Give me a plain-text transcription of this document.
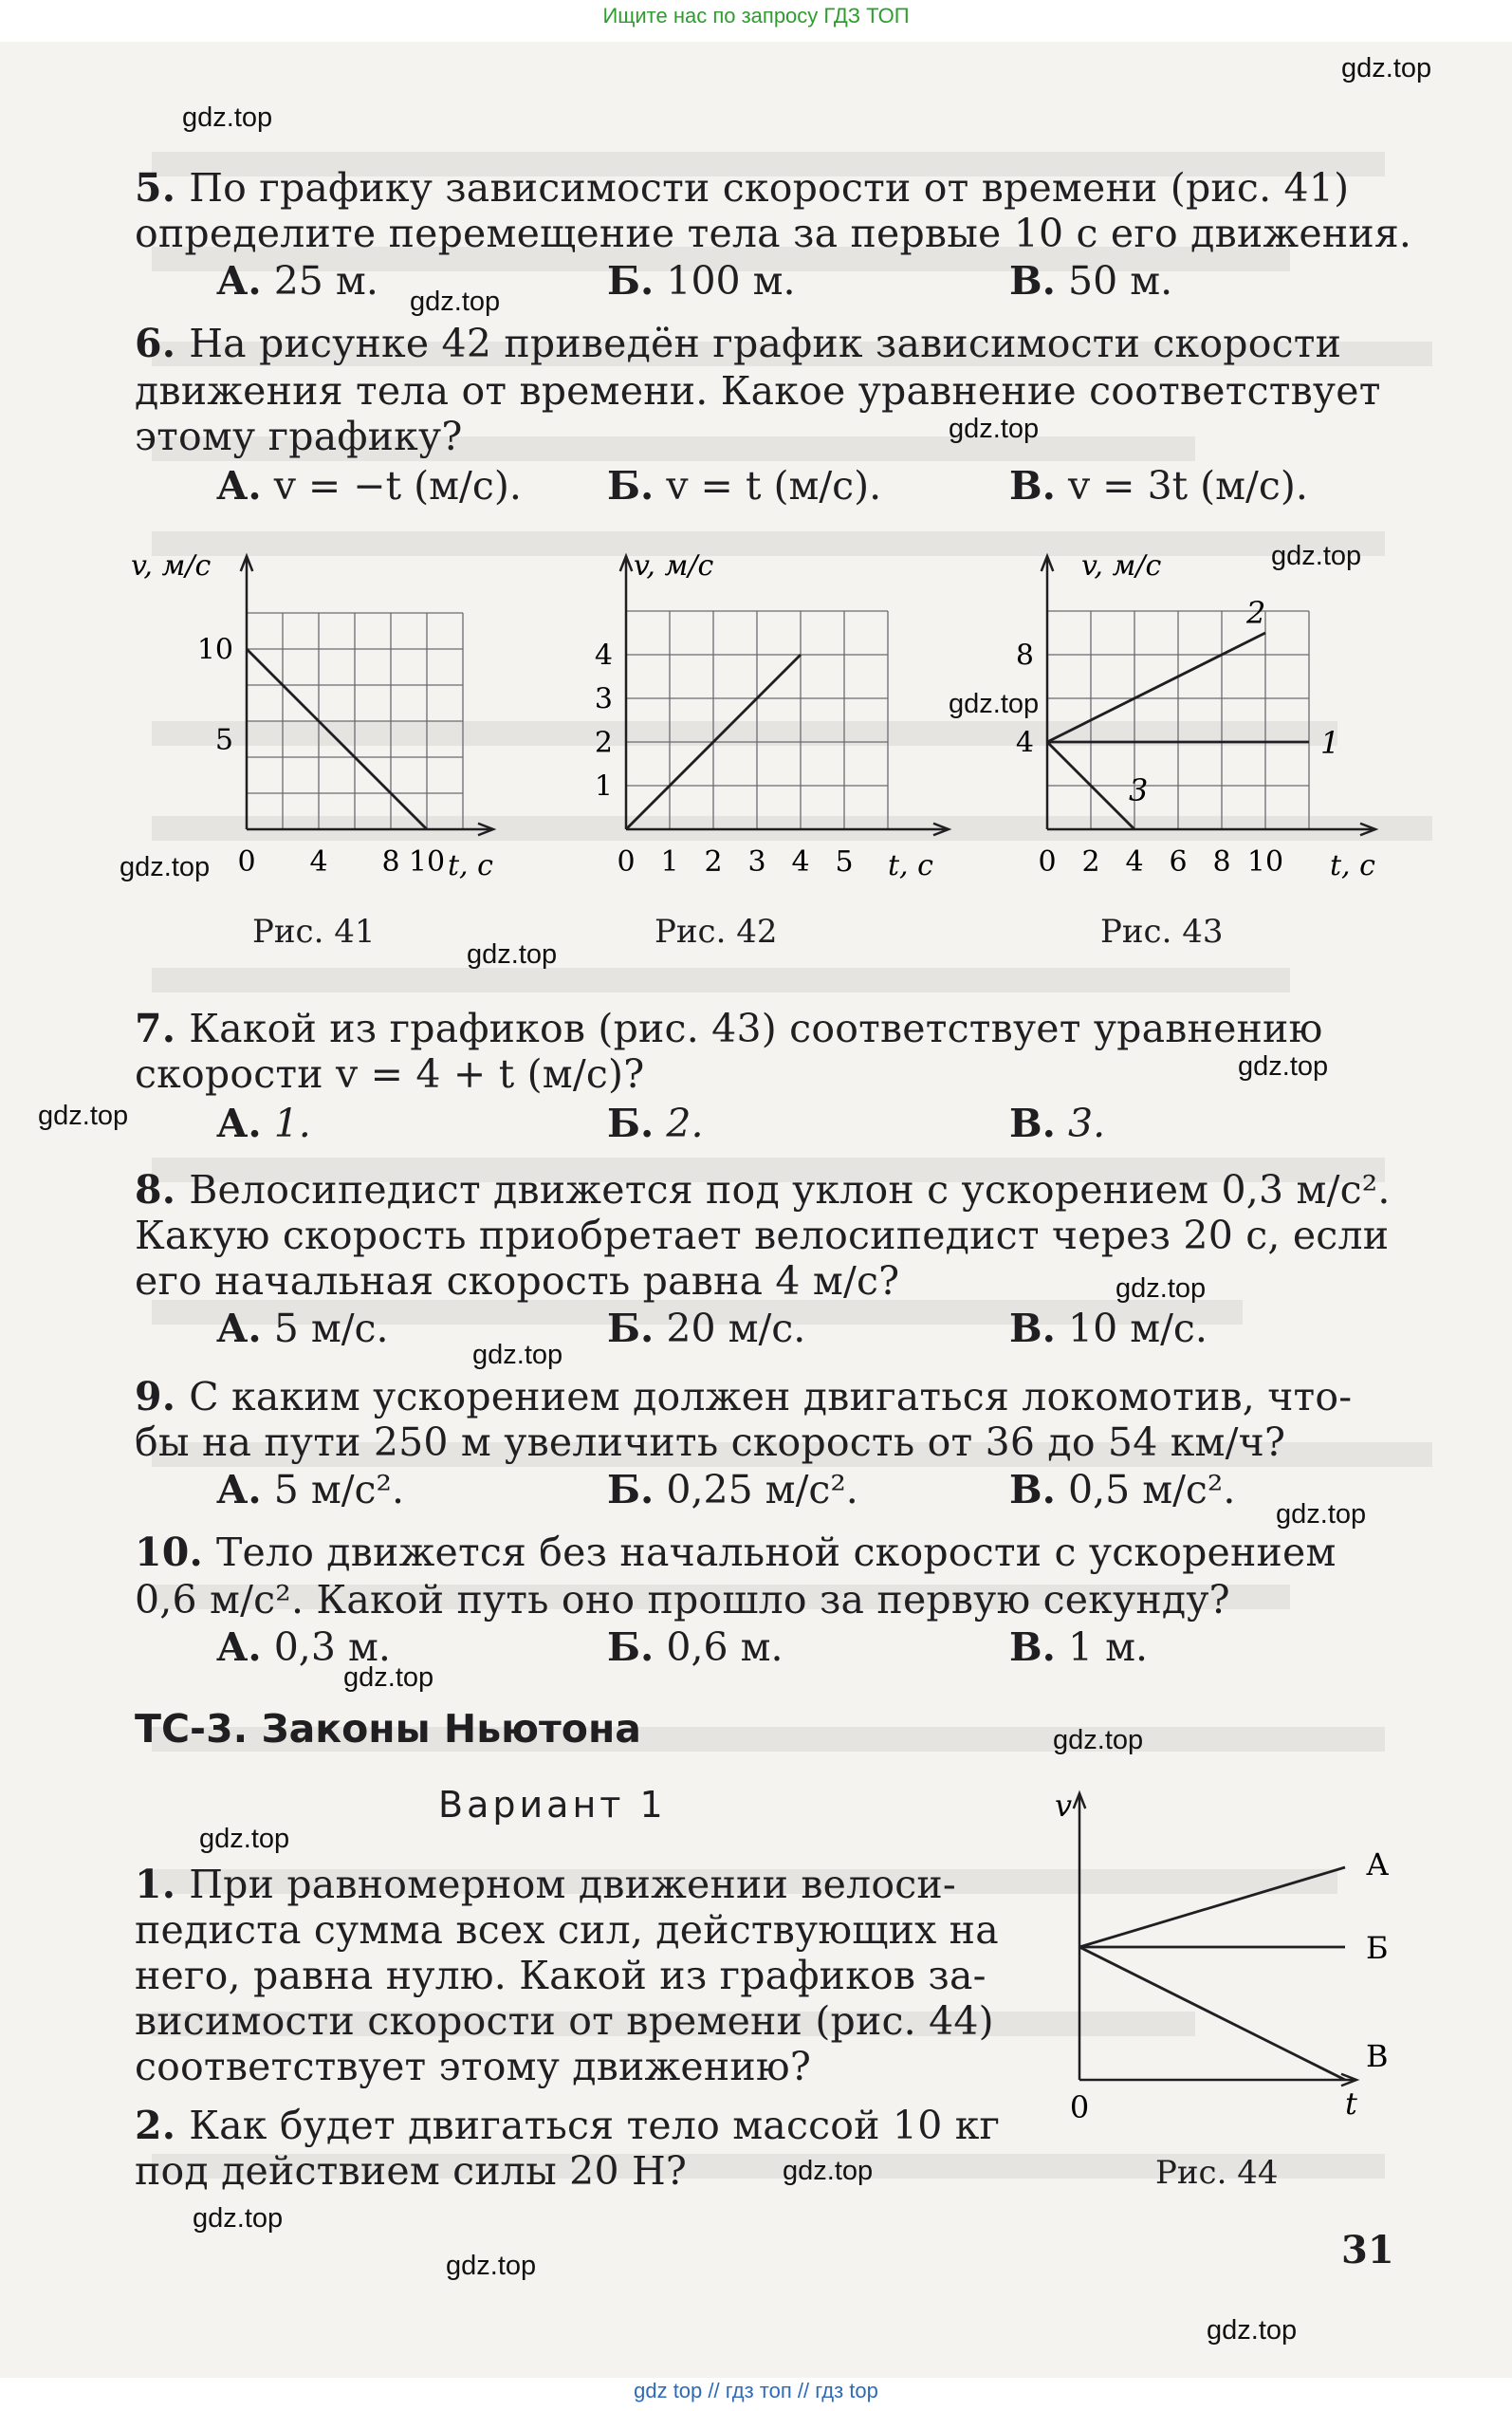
Ищите нас по запросу ГДЗ ТОП
gdz.top
gdz.top
gdz.top
gdz.top
gdz.top
gdz.top
gdz.top
gdz.top
gdz.top
gdz.top
gdz.top
gdz.top
gdz.top
gdz.top
gdz.top
gdz.top
gdz.top
gdz.top
gdz.top
gdz.top
5. По графику зависимости скорости от времени (рис. 41)
определите перемещение тела за первые 10 с его движения.
А. 25 м.	Б. 100 м.	В. 50 м.
6. На рисунке 42 приведён график зависимости скорости
движения тела от времени. Какое уравнение соответствует
этому графику?
А. v = −t (м/с). Б. v = t (м/с).	В. v = 3t (м/с).
v, м/с
t, с
0 4 8 10
5
10
Рис. 41
v, м/с
t, с
0 1 2 3 4 5
1
2
3
4
Рис. 42
v, м/с
t, с
0 2 4 6 8 10
4
8
1
2
3
Рис. 43
7. Какой из графиков (рис. 43) соответствует уравнению
скорости v = 4 + t (м/с)?
А. 1.	Б. 2.	В. 3.
8. Велосипедист движется под уклон с ускорением 0,3 м/с².
Какую скорость приобретает велосипедист через 20 с, если
его начальная скорость равна 4 м/с?
А. 5 м/с.	Б. 20 м/с.	В. 10 м/с.
9. С каким ускорением должен двигаться локомотив, что-
бы на пути 250 м увеличить скорость от 36 до 54 км/ч?
А. 5 м/с².	Б. 0,25 м/с².	В. 0,5 м/с².
10. Тело движется без начальной скорости с ускорением
0,6 м/с². Какой путь оно прошло за первую секунду?
А. 0,3 м.	Б. 0,6 м.	В. 1 м.
ТС-3. Законы Ньютона
Вариант 1
1. При равномерном движении велоси-
педиста сумма всех сил, действующих на
него, равна нулю. Какой из графиков за-
висимости скорости от времени (рис. 44)
соответствует этому движению?
2. Как будет двигаться тело массой 10 кг
под действием силы 20 Н?
v
t
0
А
Б
В
Рис. 44
31
gdz top // гдз топ // гдз top
